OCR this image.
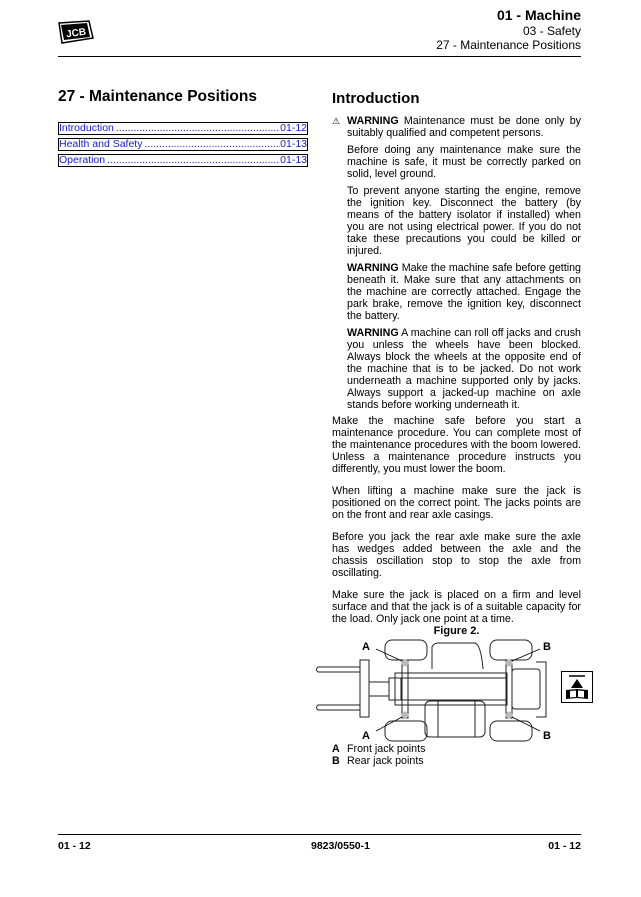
JCB
01 - Machine
03 - Safety
27 - Maintenance Positions
27 - Maintenance Positions
Introduction .....	01-12
Health and Safety .....	01-13
Operation .....	01-13
Introduction
⚠ WARNING Maintenance must be done only by suitably qualified and competent persons.

Before doing any maintenance make sure the machine is safe, it must be correctly parked on solid, level ground.

To prevent anyone starting the engine, remove the ignition key. Disconnect the battery (by means of the battery isolator if installed) when you are not using electrical power. If you do not take these precautions you could be killed or injured.

WARNING Make the machine safe before getting beneath it. Make sure that any attachments on the machine are correctly attached. Engage the park brake, remove the ignition key, disconnect the battery.

WARNING A machine can roll off jacks and crush you unless the wheels have been blocked. Always block the wheels at the opposite end of the machine that is to be jacked. Do not work underneath a machine supported only by jacks. Always support a jacked-up machine on axle stands before working underneath it.

Make the machine safe before you start a maintenance procedure. You can complete most of the maintenance procedures with the boom lowered. Unless a maintenance procedure instructs you differently, you must lower the boom.

When lifting a machine make sure the jack is positioned on the correct point. The jacks points are on the front and rear axle casings.

Before you jack the rear axle make sure the axle has wedges added between the axle and the chassis oscillation stop to stop the axle from oscillating.

Make sure the jack is placed on a firm and level surface and that the jack is of a suitable capacity for the load. Only jack one point at a time.

Figure 2.
A
A
B
B
A Front jack points
B Rear jack points
01 - 12	9823/0550-1	01 - 12
